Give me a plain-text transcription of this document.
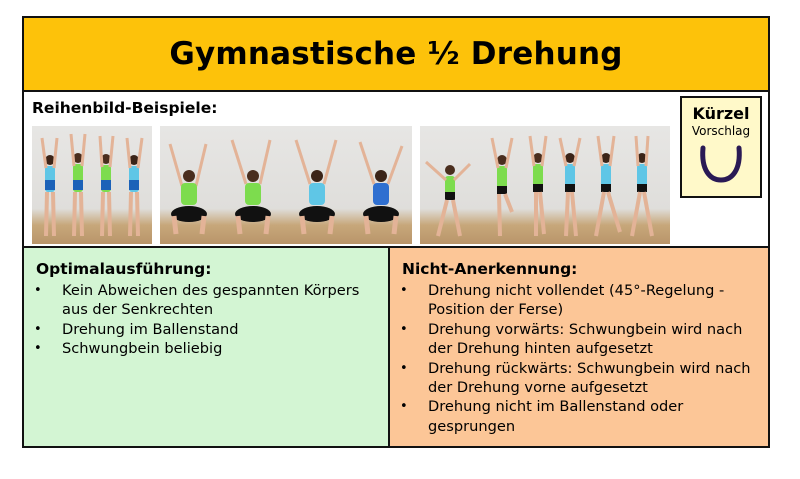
Gymnastische ½ Drehung
Reihenbild-Beispiele:	Kürzel
Vorschlag
Optimalausführung:
• Kein Abweichen des gespannten Körpers aus der Senkrechten
• Drehung im Ballenstand
• Schwungbein beliebig
Nicht-Anerkennung:
• Drehung nicht vollendet (45°-Regelung - Position der Ferse)
• Drehung vorwärts: Schwungbein wird nach der Drehung hinten aufgesetzt
• Drehung rückwärts: Schwungbein wird nach der Drehung vorne aufgesetzt
• Drehung nicht im Ballenstand oder gesprungen
